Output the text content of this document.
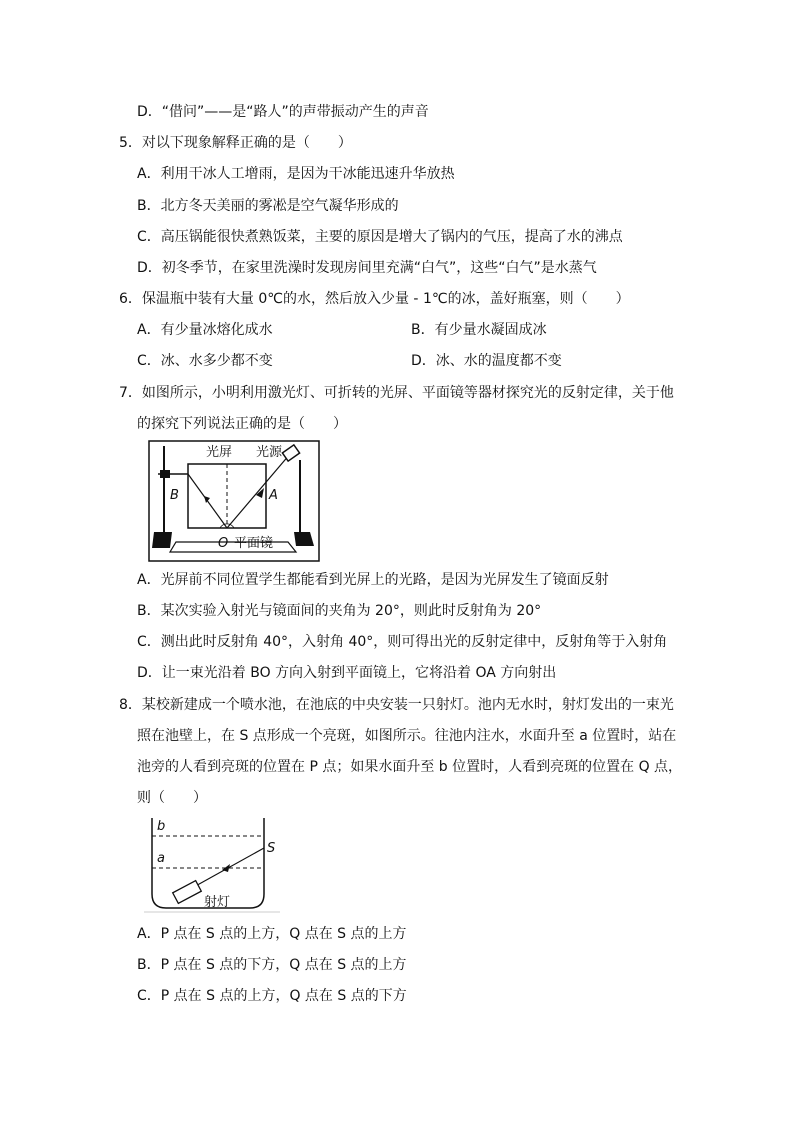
D．“借问”——是“路人”的声带振动产生的声音
5．对以下现象解释正确的是（　　）
A．利用干冰人工增雨，是因为干冰能迅速升华放热
B．北方冬天美丽的雾凇是空气凝华形成的
C．高压锅能很快煮熟饭菜，主要的原因是增大了锅内的气压，提高了水的沸点
D．初冬季节，在家里洗澡时发现房间里充满“白气”，这些“白气”是水蒸气
6．保温瓶中装有大量 0℃的水，然后放入少量 - 1℃的冰，盖好瓶塞，则（　　）
A．有少量冰熔化成水	B．有少量水凝固成冰
C．冰、水多少都不变	D．冰、水的温度都不变
7．如图所示，小明利用激光灯、可折转的光屏、平面镜等器材探究光的反射定律，关于他
的探究下列说法正确的是（　　）
光屏 光源
B	A
O 平面镜
A．光屏前不同位置学生都能看到光屏上的光路，是因为光屏发生了镜面反射
B．某次实验入射光与镜面间的夹角为 20°，则此时反射角为 20°
C．测出此时反射角 40°，入射角 40°，则可得出光的反射定律中，反射角等于入射角
D．让一束光沿着 BO 方向入射到平面镜上，它将沿着 OA 方向射出
8．某校新建成一个喷水池，在池底的中央安装一只射灯。池内无水时，射灯发出的一束光
照在池壁上，在 S 点形成一个亮斑，如图所示。往池内注水，水面升至 a 位置时，站在
池旁的人看到亮斑的位置在 P 点；如果水面升至 b 位置时，人看到亮斑的位置在 Q 点，
则（　　）
b
a
S
射灯
A．P 点在 S 点的上方，Q 点在 S 点的上方
B．P 点在 S 点的下方，Q 点在 S 点的上方
C．P 点在 S 点的上方，Q 点在 S 点的下方
